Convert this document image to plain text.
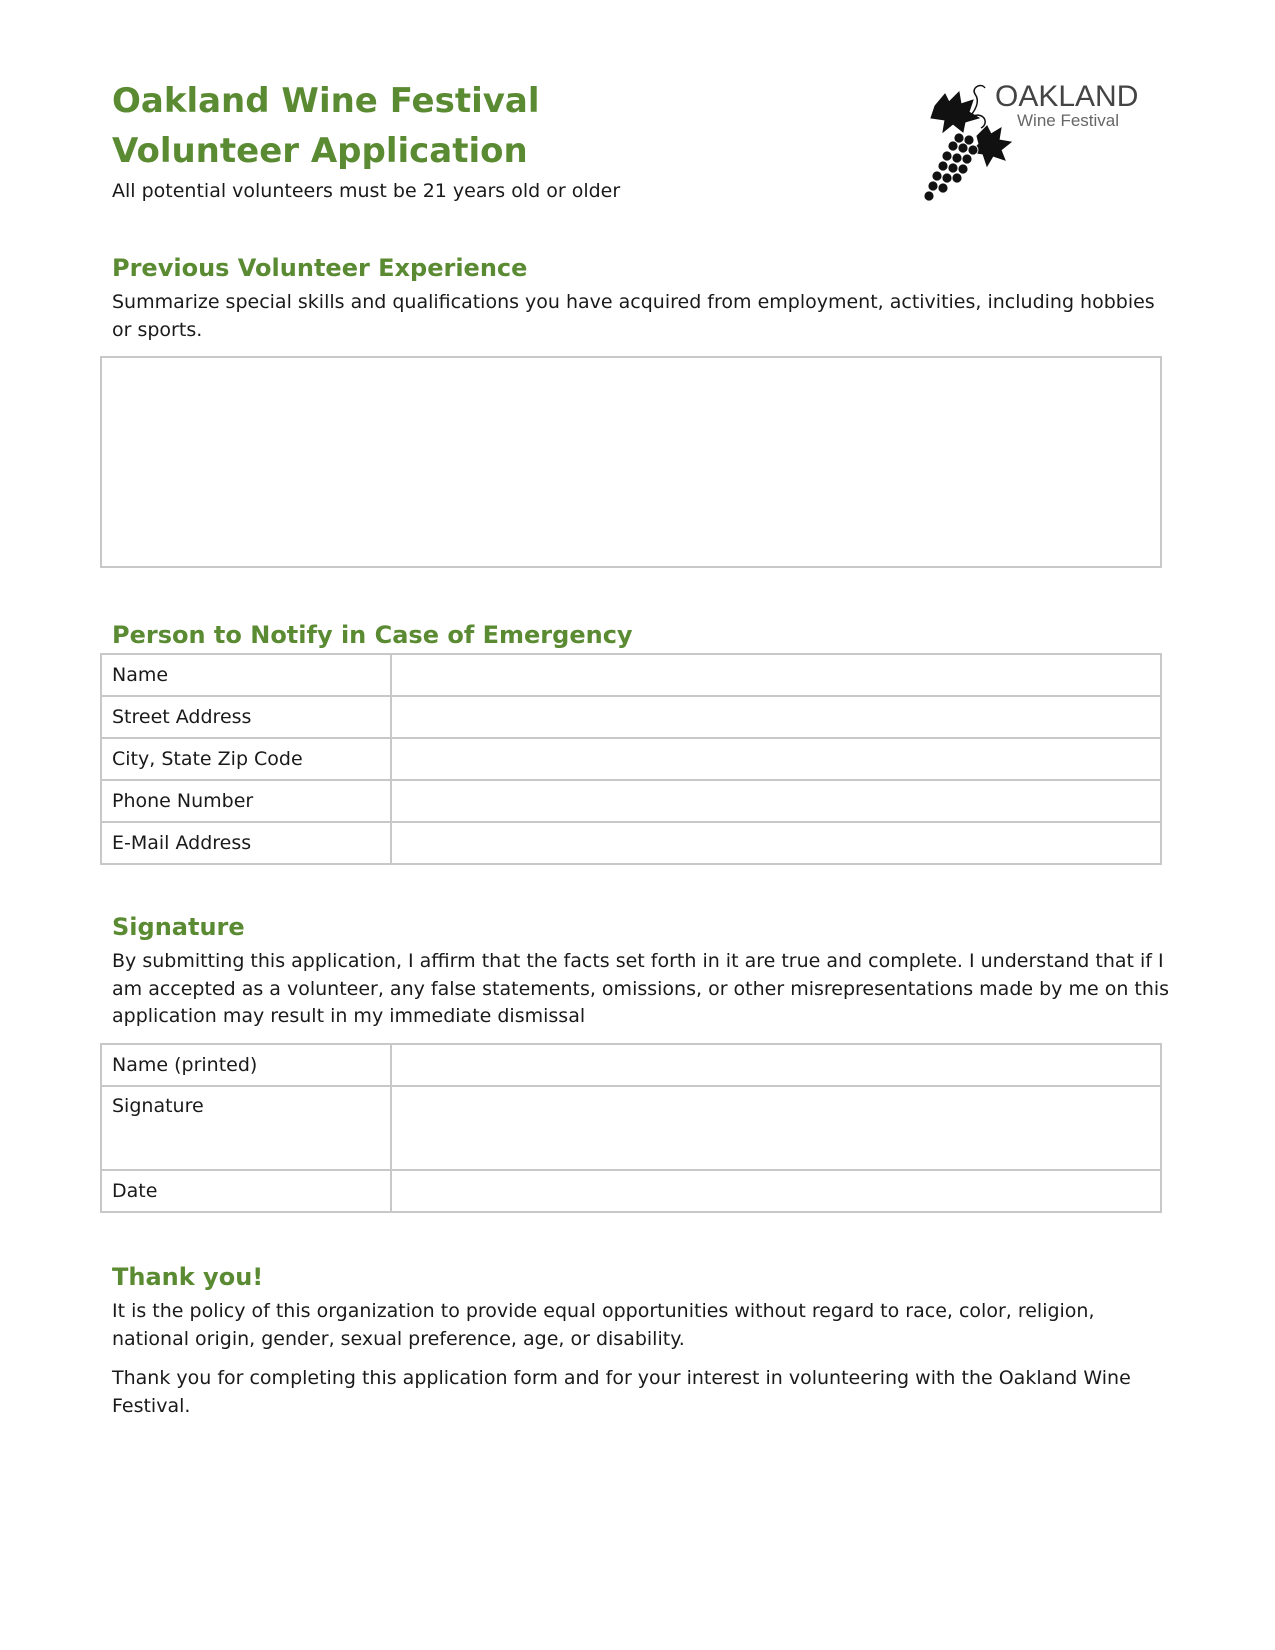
Oakland Wine Festival
Volunteer Application
All potential volunteers must be 21 years old or older
OAKLAND
Wine Festival
Previous Volunteer Experience
Summarize special skills and qualifications you have acquired from employment, activities, including hobbies or sports.
Person to Notify in Case of Emergency
Name	
Street Address	
City, State Zip Code	
Phone Number	
E-Mail Address	
Signature
By submitting this application, I affirm that the facts set forth in it are true and complete. I understand that if I am accepted as a volunteer, any false statements, omissions, or other misrepresentations made by me on this application may result in my immediate dismissal
Name (printed)	
Signature	
Date	
Thank you!
It is the policy of this organization to provide equal opportunities without regard to race, color, religion, national origin, gender, sexual preference, age, or disability.
Thank you for completing this application form and for your interest in volunteering with the Oakland Wine Festival.
